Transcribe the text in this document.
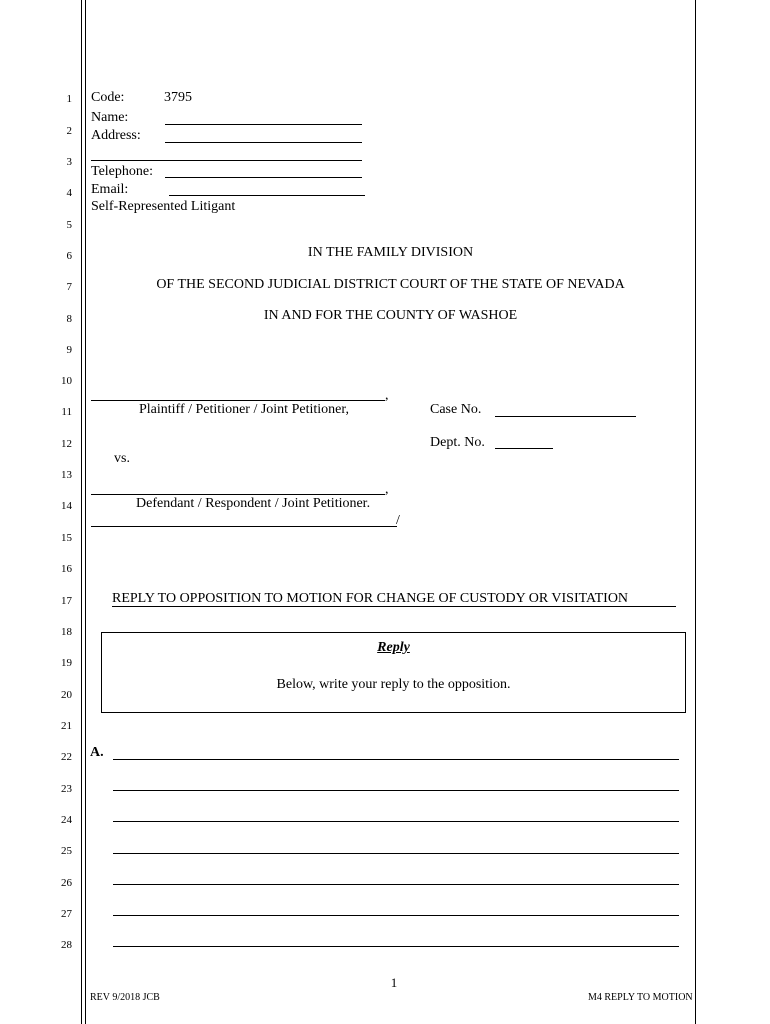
1
2
3
4
5
6
7
8
9
10
11
12
13
14
15
16
17
18
19
20
21
22
23
24
25
26
27
28
Code:	3795
Name:
Address:
Telephone:
Email:
Self-Represented Litigant
IN THE FAMILY DIVISION
OF THE SECOND JUDICIAL DISTRICT COURT OF THE STATE OF NEVADA
IN AND FOR THE COUNTY OF WASHOE
,
Plaintiff / Petitioner / Joint Petitioner,
vs.
,
Defendant / Respondent / Joint Petitioner.
/
Case No.
Dept. No.
REPLY TO OPPOSITION TO MOTION FOR CHANGE OF CUSTODY OR VISITATION
Reply
Below, write your reply to the opposition.
A.
1
REV 9/2018 JCB	M4 REPLY TO MOTION
